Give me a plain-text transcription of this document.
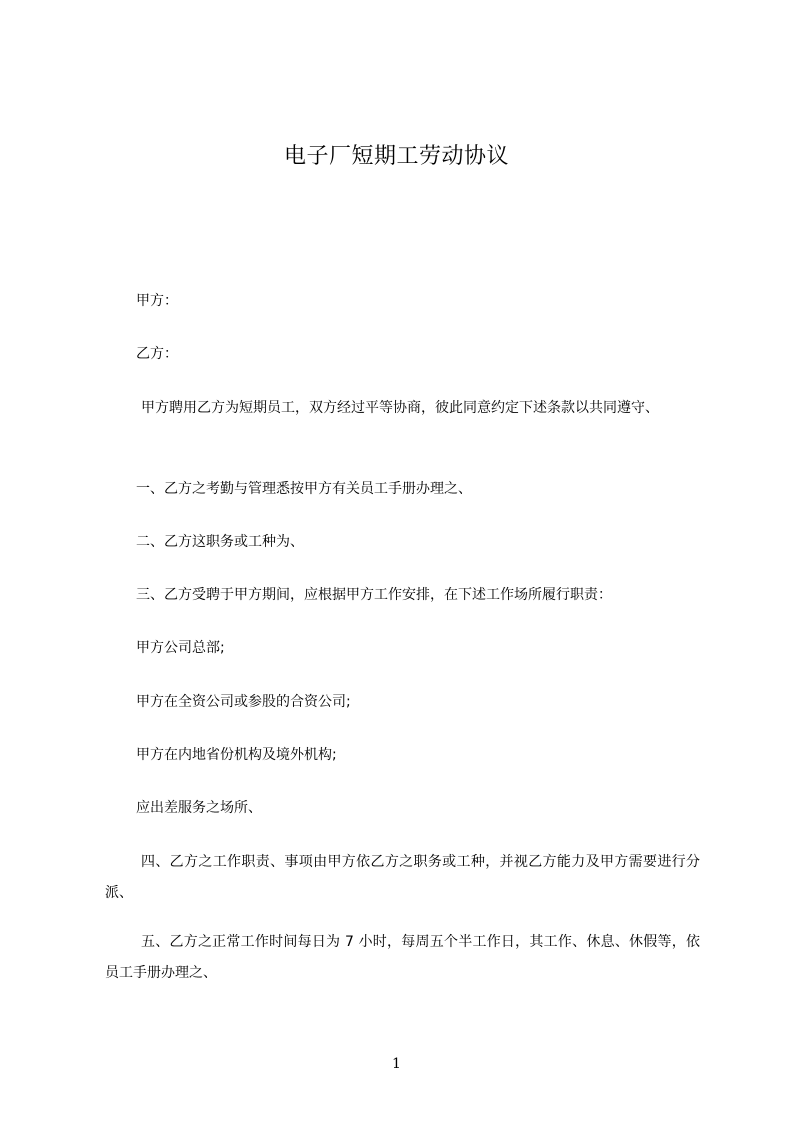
电子厂短期工劳动协议

甲方：

乙方：

甲方聘用乙方为短期员工，双方经过平等协商，彼此同意约定下述条款以共同遵守、

一、乙方之考勤与管理悉按甲方有关员工手册办理之、

二、乙方这职务或工种为、

三、乙方受聘于甲方期间，应根据甲方工作安排，在下述工作场所履行职责：

甲方公司总部;

甲方在全资公司或参股的合资公司;

甲方在内地省份机构及境外机构;

应出差服务之场所、

四、乙方之工作职责、事项由甲方依乙方之职务或工种，并视乙方能力及甲方需要进行分派、

五、乙方之正常工作时间每日为 7 小时，每周五个半工作日，其工作、休息、休假等，依员工手册办理之、

1
